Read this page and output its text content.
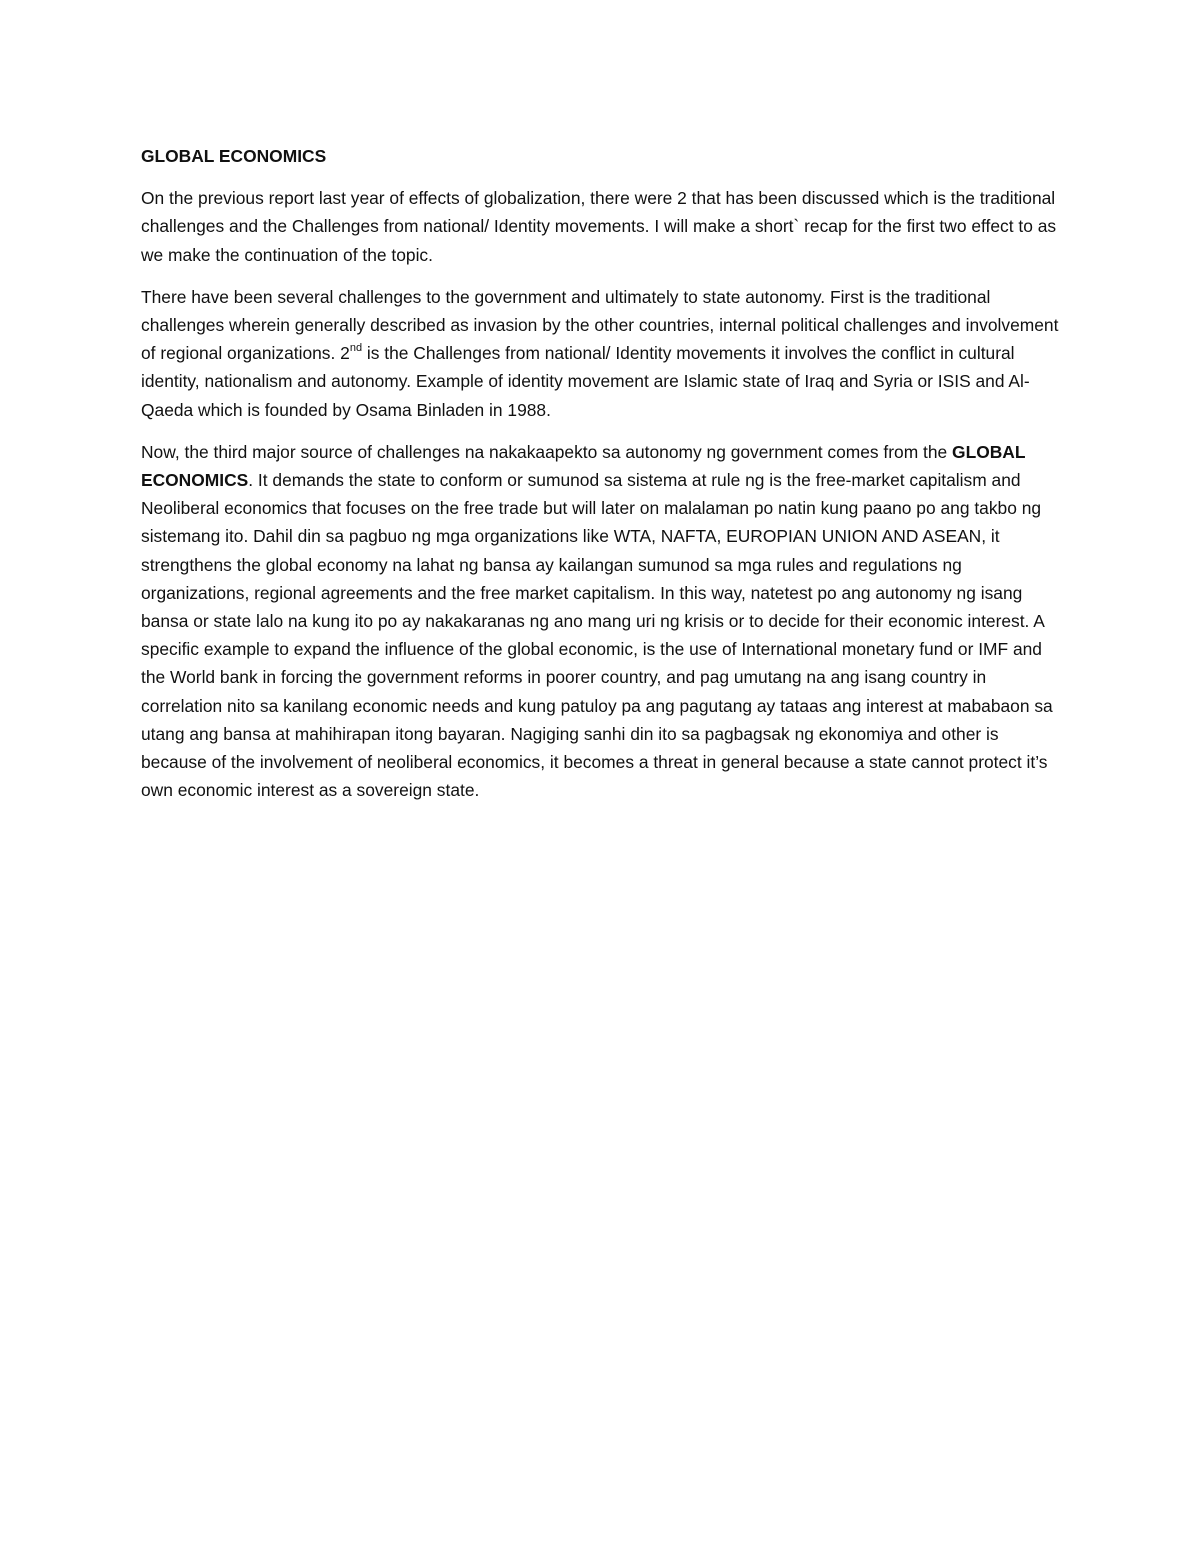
GLOBAL ECONOMICS

On the previous report last year of effects of globalization, there were 2 that has been discussed which is the traditional challenges and the Challenges from national/ Identity movements. I will make a short` recap for the first two effect to as we make the continuation of the topic.

There have been several challenges to the government and ultimately to state autonomy. First is the traditional challenges wherein generally described as invasion by the other countries, internal political challenges and involvement of regional organizations. 2nd is the Challenges from national/ Identity movements it involves the conflict in cultural identity, nationalism and autonomy. Example of identity movement are Islamic state of Iraq and Syria or ISIS and Al-Qaeda which is founded by Osama Binladen in 1988.

Now, the third major source of challenges na nakakaapekto sa autonomy ng government comes from the GLOBAL ECONOMICS. It demands the state to conform or sumunod sa sistema at rule ng is the free-market capitalism and Neoliberal economics that focuses on the free trade but will later on malalaman po natin kung paano po ang takbo ng sistemang ito. Dahil din sa pagbuo ng mga organizations like WTA, NAFTA, EUROPIAN UNION AND ASEAN, it strengthens the global economy na lahat ng bansa ay kailangan sumunod sa mga rules and regulations ng organizations, regional agreements and the free market capitalism. In this way, natetest po ang autonomy ng isang bansa or state lalo na kung ito po ay nakakaranas ng ano mang uri ng krisis or to decide for their economic interest. A specific example to expand the influence of the global economic, is the use of International monetary fund or IMF and the World bank in forcing the government reforms in poorer country, and pag umutang na ang isang country in correlation nito sa kanilang economic needs and kung patuloy pa ang pagutang ay tataas ang interest at mababaon sa utang ang bansa at mahihirapan itong bayaran. Nagiging sanhi din ito sa pagbagsak ng ekonomiya and other is because of the involvement of neoliberal economics, it becomes a threat in general because a state cannot protect it’s own economic interest as a sovereign state.
